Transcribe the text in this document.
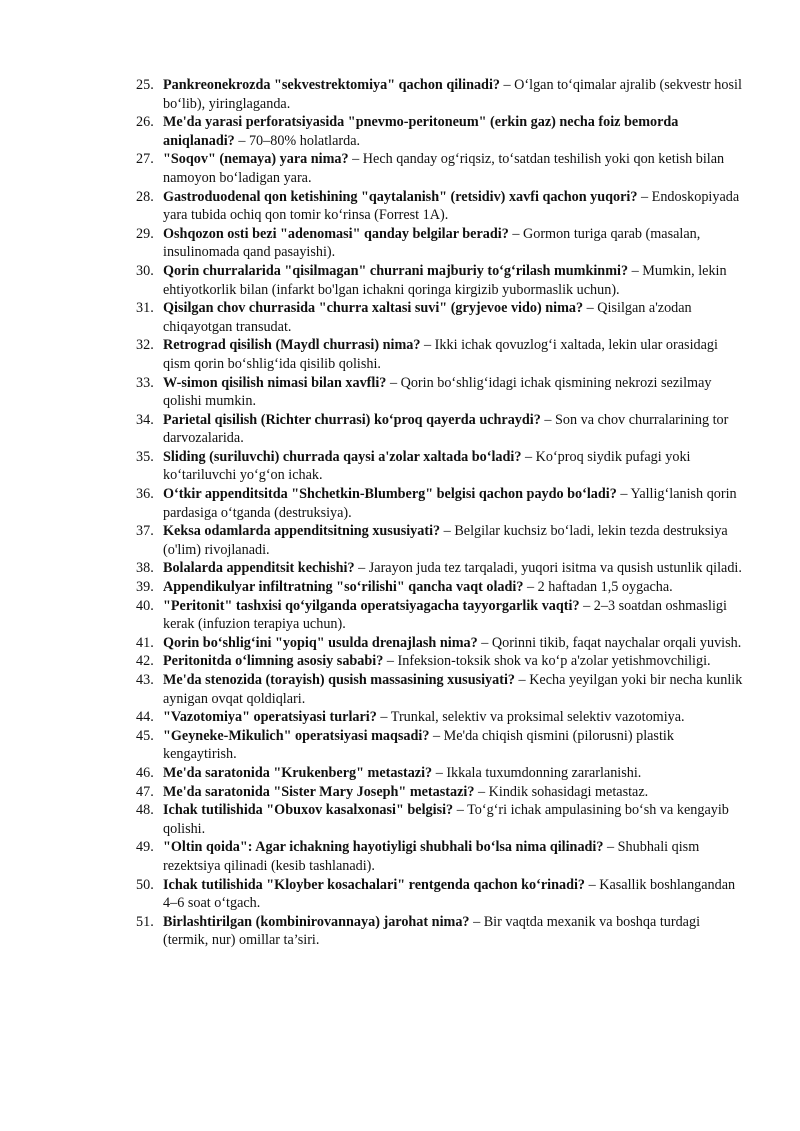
25. Pankreonekrozda "sekvestrektomiya" qachon qilinadi? – O‘lgan to‘qimalar ajralib (sekvestr hosil bo‘lib), yiringlaganda.
26. Me'da yarasi perforatsiyasida "pnevmo-peritoneum" (erkin gaz) necha foiz bemorda aniqlanadi? – 70–80% holatlarda.
27. "Soqov" (nemaya) yara nima? – Hech qanday og‘riqsiz, to‘satdan teshilish yoki qon ketish bilan namoyon bo‘ladigan yara.
28. Gastroduodenal qon ketishining "qaytalanish" (retsidiv) xavfi qachon yuqori? – Endoskopiyada yara tubida ochiq qon tomir ko‘rinsa (Forrest 1A).
29. Oshqozon osti bezi "adenomasi" qanday belgilar beradi? – Gormon turiga qarab (masalan, insulinomada qand pasayishi).
30. Qorin churralarida "qisilmagan" churrani majburiy to‘g‘rilash mumkinmi? – Mumkin, lekin ehtiyotkorlik bilan (infarkt bo'lgan ichakni qoringa kirgizib yubormaslik uchun).
31. Qisilgan chov churrasida "churra xaltasi suvi" (gryjevoe vido) nima? – Qisilgan a'zodan chiqayotgan transudat.
32. Retrograd qisilish (Maydl churrasi) nima? – Ikki ichak qovuzlog‘i xaltada, lekin ular orasidagi qism qorin bo‘shlig‘ida qisilib qolishi.
33. W-simon qisilish nimasi bilan xavfli? – Qorin bo‘shlig‘idagi ichak qismining nekrozi sezilmay qolishi mumkin.
34. Parietal qisilish (Richter churrasi) ko‘proq qayerda uchraydi? – Son va chov churralarining tor darvozalarida.
35. Sliding (suriluvchi) churrada qaysi a'zolar xaltada bo‘ladi? – Ko‘proq siydik pufagi yoki ko‘tariluvchi yo‘g‘on ichak.
36. O‘tkir appenditsitda "Shchetkin-Blumberg" belgisi qachon paydo bo‘ladi? – Yallig‘lanish qorin pardasiga o‘tganda (destruksiya).
37. Keksa odamlarda appenditsitning xususiyati? – Belgilar kuchsiz bo‘ladi, lekin tezda destruksiya (o'lim) rivojlanadi.
38. Bolalarda appenditsit kechishi? – Jarayon juda tez tarqaladi, yuqori isitma va qusish ustunlik qiladi.
39. Appendikulyar infiltratning "so‘rilishi" qancha vaqt oladi? – 2 haftadan 1,5 oygacha.
40. "Peritonit" tashxisi qo‘yilganda operatsiyagacha tayyorgarlik vaqti? – 2–3 soatdan oshmasligi kerak (infuzion terapiya uchun).
41. Qorin bo‘shlig‘ini "yopiq" usulda drenajlash nima? – Qorinni tikib, faqat naychalar orqali yuvish.
42. Peritonitda o‘limning asosiy sababi? – Infeksion-toksik shok va ko‘p a'zolar yetishmovchiligi.
43. Me'da stenozida (torayish) qusish massasining xususiyati? – Kecha yeyilgan yoki bir necha kunlik aynigan ovqat qoldiqlari.
44. "Vazotomiya" operatsiyasi turlari? – Trunkal, selektiv va proksimal selektiv vazotomiya.
45. "Geyneke-Mikulich" operatsiyasi maqsadi? – Me'da chiqish qismini (pilorusni) plastik kengaytirish.
46. Me'da saratonida "Krukenberg" metastazi? – Ikkala tuxumdonning zararlanishi.
47. Me'da saratonida "Sister Mary Joseph" metastazi? – Kindik sohasidagi metastaz.
48. Ichak tutilishida "Obuxov kasalxonasi" belgisi? – To‘g‘ri ichak ampulasining bo‘sh va kengayib qolishi.
49. "Oltin qoida": Agar ichakning hayotiyligi shubhali bo‘lsa nima qilinadi? – Shubhali qism rezektsiya qilinadi (kesib tashlanadi).
50. Ichak tutilishida "Kloyber kosachalari" rentgenda qachon ko‘rinadi? – Kasallik boshlangandan 4–6 soat o‘tgach.
51. Birlashtirilgan (kombinirovannaya) jarohat nima? – Bir vaqtda mexanik va boshqa turdagi (termik, nur) omillar ta’siri.
